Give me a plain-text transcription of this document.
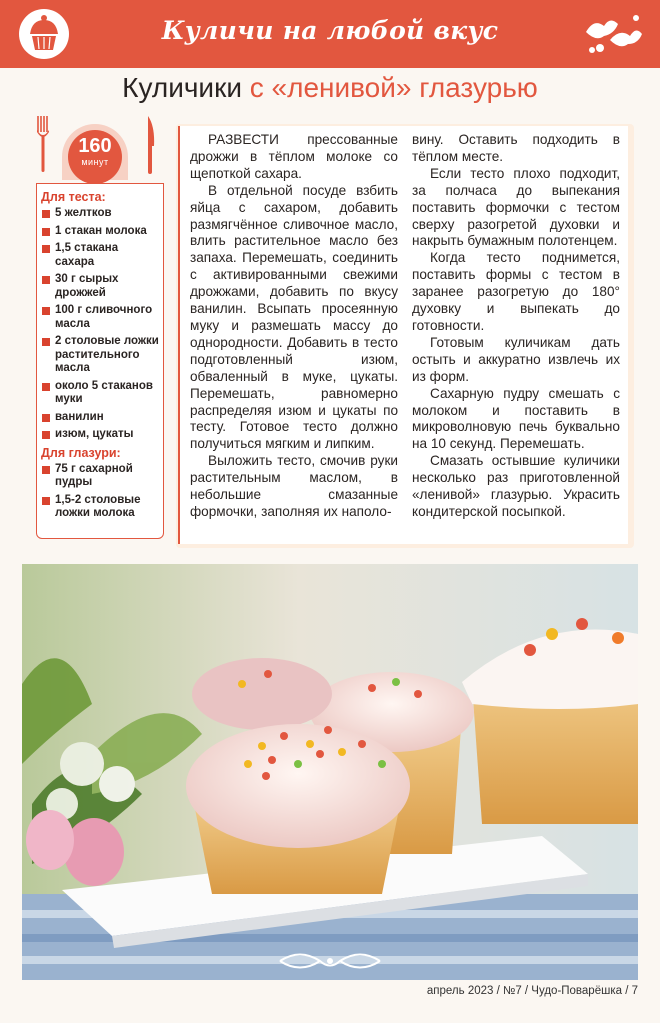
Куличи на любой вкус
Куличики с «ленивой» глазурью
160
минут
Для теста:
5 желтков
1 стакан молока
1,5 стакана сахара
30 г сырых дрожжей
100 г сливочного масла
2 столовые ложки растительного масла
около 5 стаканов муки
ванилин
изюм, цукаты
Для глазури:
75 г сахарной пудры
1,5-2 столовые ложки молока

РАЗВЕСТИ прессованные дрожжи в тёплом молоке со щепоткой сахара.

В отдельной посуде взбить яйца с сахаром, добавить размягчённое сливочное масло, влить растительное масло без запаха. Перемешать, соединить с активированными свежими дрожжами, добавить по вкусу ванилин. Всыпать просеянную муку и размешать массу до однородности. Добавить в тесто подготовленный изюм, обваленный в муке, цукаты. Перемешать, равномерно распределяя изюм и цукаты по тесту. Готовое тесто должно получиться мягким и липким.

Выложить тесто, смочив руки растительным маслом, в небольшие смазанные формочки, заполняя их наполо-

вину. Оставить подходить в тёплом месте.

Если тесто плохо подходит, за полчаса до выпекания поставить формочки с тестом сверху разогретой духовки и накрыть бумажным полотенцем.

Когда тесто поднимется, поставить формы с тестом в заранее разогретую до 180° духовку и выпекать до готовности.

Готовым куличикам дать остыть и аккуратно извлечь их из форм.

Сахарную пудру смешать с молоком и поставить в микроволновую печь буквально на 10 секунд. Перемешать.

Смазать остывшие куличики несколько раз приготовленной «ленивой» глазурью. Украсить кондитерской посыпкой.

апрель 2023 / №7 / Чудо-Поварёшка / 7
